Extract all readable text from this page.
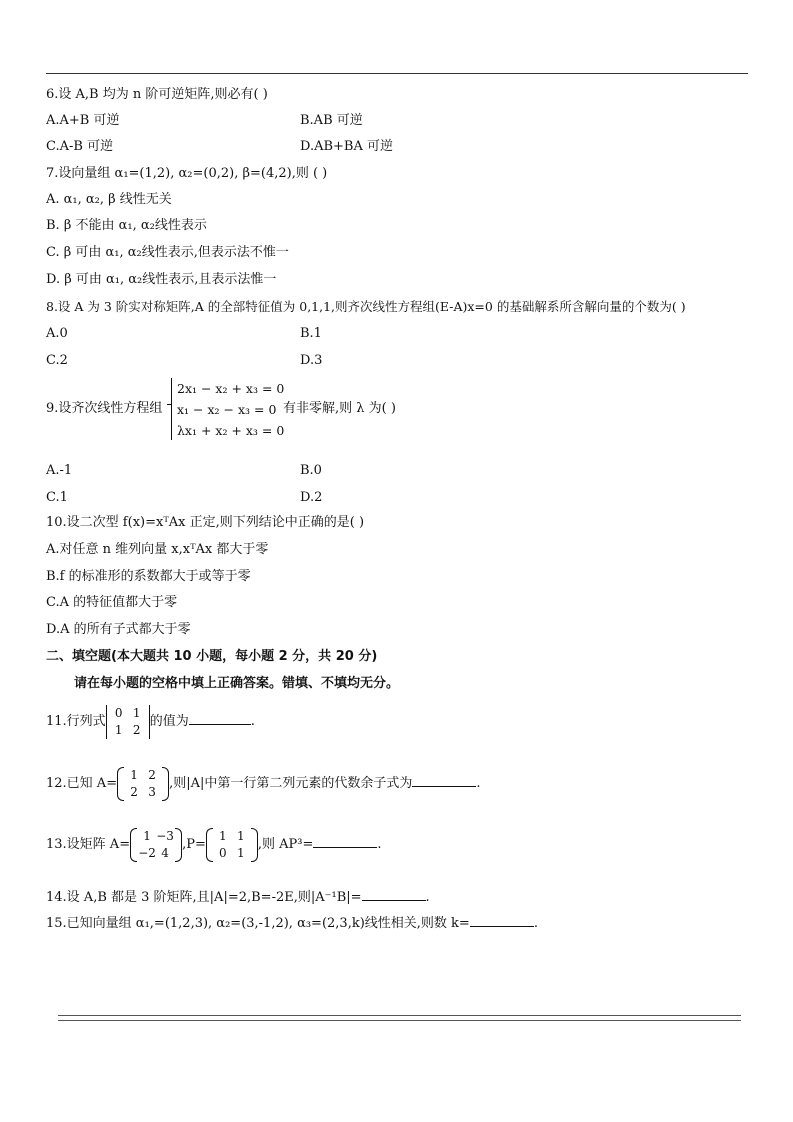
6.设 A,B 均为 n 阶可逆矩阵,则必有( )
A.A+B 可逆	B.AB 可逆
C.A-B 可逆	D.AB+BA 可逆
7.设向量组 α₁=(1,2), α₂=(0,2), β=(4,2),则 ( )
A. α₁, α₂, β 线性无关
B. β 不能由 α₁, α₂线性表示
C. β 可由 α₁, α₂线性表示,但表示法不惟一
D. β 可由 α₁, α₂线性表示,且表示法惟一
8.设 A 为 3 阶实对称矩阵,A 的全部特征值为 0,1,1,则齐次线性方程组(E-A)x=0 的基础解系所含解向量的个数为( )
A.0	B.1
C.2	D.3
9.设齐次线性方程组
2x₁ − x₂ + x₃ = 0
x₁ − x₂ − x₃ = 0
λx₁ + x₂ + x₃ = 0
有非零解,则 λ 为( )
A.-1	B.0
C.1	D.2
10.设二次型 f(x)=xᵀAx 正定,则下列结论中正确的是( )
A.对任意 n 维列向量 x,xᵀAx 都大于零
B.f 的标准形的系数都大于或等于零
C.A 的特征值都大于零
D.A 的所有子式都大于零
二、填空题(本大题共 10 小题，每小题 2 分，共 20 分)
请在每小题的空格中填上正确答案。错填、不填均无分。
11.行列式
0 1
1 2
的值为	.
12.已知 A=
1 2
2 3
,则|A|中第一行第二列元素的代数余子式为	.
13.设矩阵 A=
1 −3
−2 4
,P=
1 1
0 1
,则 AP³=	.
14.设 A,B 都是 3 阶矩阵,且|A|=2,B=-2E,则|A⁻¹B|=	.
15.已知向量组 α₁,=(1,2,3), α₂=(3,-1,2), α₃=(2,3,k)线性相关,则数 k=	.
